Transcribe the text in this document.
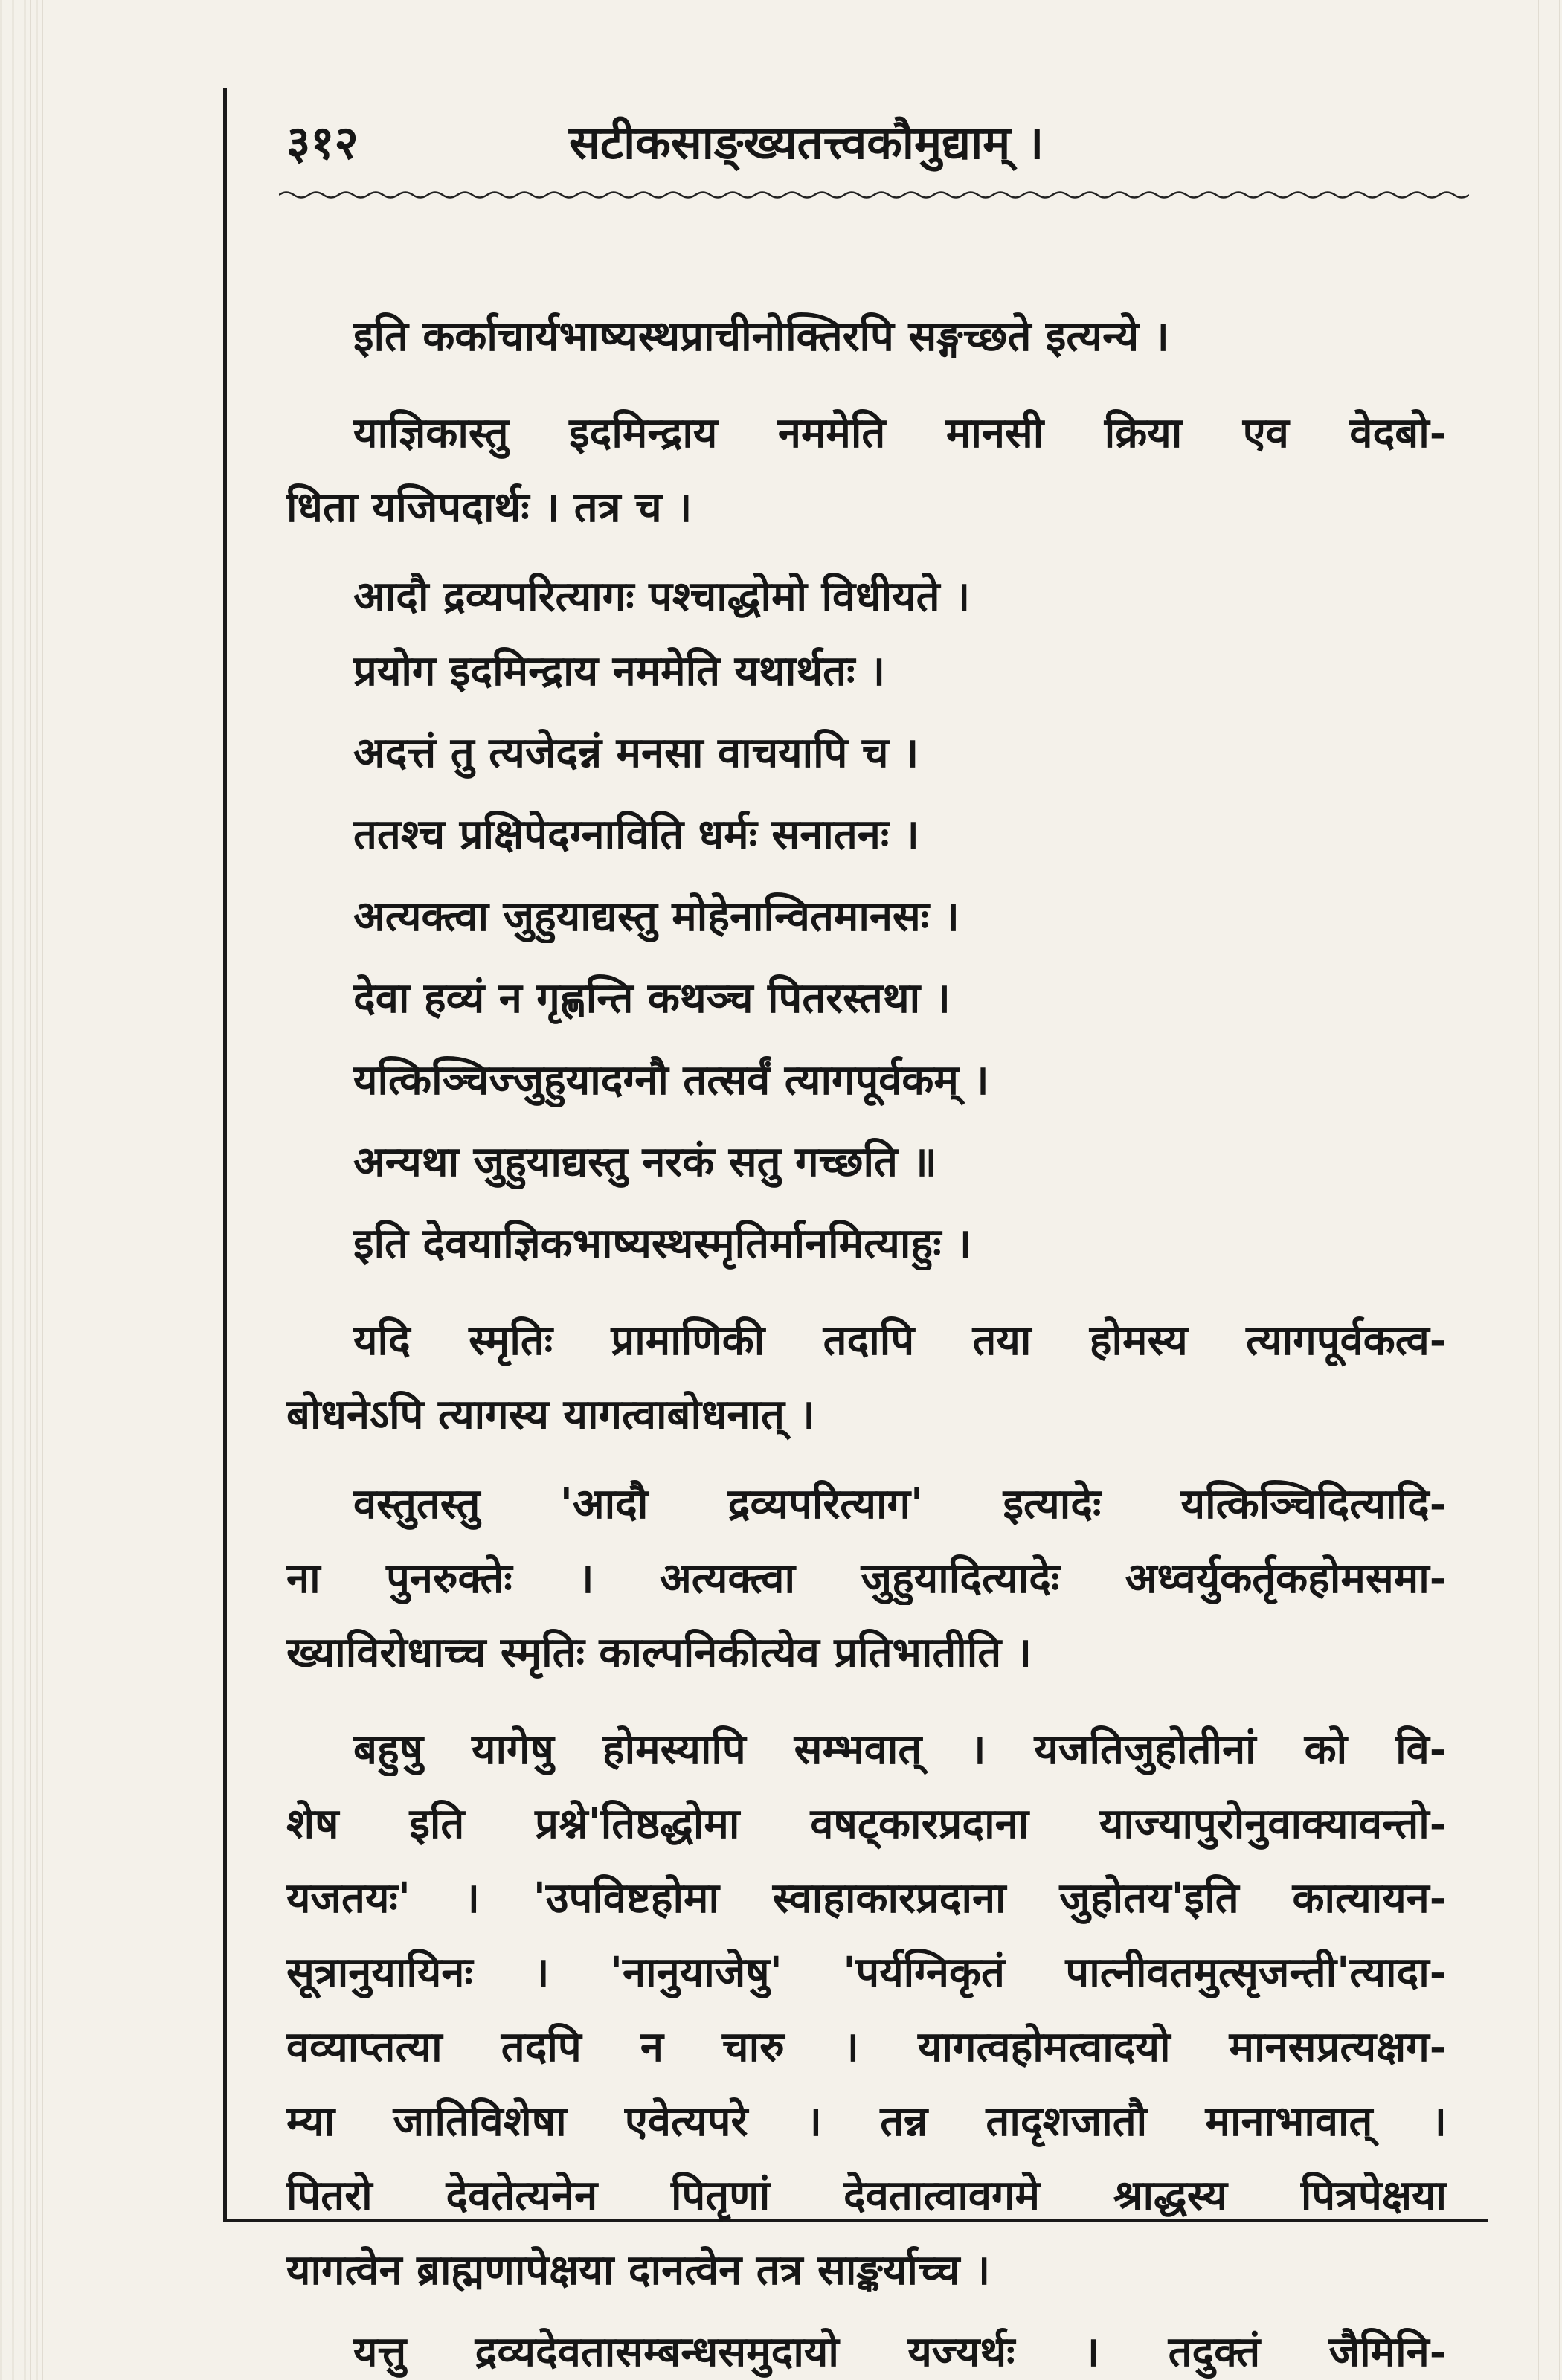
३१२	सटीकसाङ्ख्यतत्त्वकौमुद्याम् ।
इति कर्काचार्यभाष्यस्थप्राचीनोक्तिरपि सङ्गच्छते इत्यन्ये ।
याज्ञिकास्तु इदमिन्द्राय नममेति मानसी क्रिया एव वेदबो-
धिता यजिपदार्थः । तत्र च ।
आदौ द्रव्यपरित्यागः पश्चाद्धोमो विधीयते ।
प्रयोग इदमिन्द्राय नममेति यथार्थतः ।
अदत्तं तु त्यजेदन्नं मनसा वाचयापि च ।
ततश्च प्रक्षिपेदग्नाविति धर्मः सनातनः ।
अत्यक्त्वा जुहुयाद्यस्तु मोहेनान्वितमानसः ।
देवा हव्यं न गृह्णन्ति कथञ्च पितरस्तथा ।
यत्किञ्चिज्जुहुयादग्नौ तत्सर्वं त्यागपूर्वकम् ।
अन्यथा जुहुयाद्यस्तु नरकं सतु गच्छति ॥
इति देवयाज्ञिकभाष्यस्थस्मृतिर्मानमित्याहुः ।
यदि स्मृतिः प्रामाणिकी तदापि तया होमस्य त्यागपूर्वकत्व-
बोधनेऽपि त्यागस्य यागत्वाबोधनात् ।
वस्तुतस्तु 'आदौ द्रव्यपरित्याग' इत्यादेः यत्किञ्चिदित्यादि-
ना पुनरुक्तेः । अत्यक्त्वा जुहुयादित्यादेः अध्वर्युकर्तृकहोमसमा-
ख्याविरोधाच्च स्मृतिः काल्पनिकीत्येव प्रतिभातीति ।
बहुषु यागेषु होमस्यापि सम्भवात् । यजतिजुहोतीनां को वि-
शेष इति प्रश्ने'तिष्ठद्धोमा वषट्कारप्रदाना याज्यापुरोनुवाक्यावन्तो-
यजतयः' । 'उपविष्टहोमा स्वाहाकारप्रदाना जुहोतय'इति कात्यायन-
सूत्रानुयायिनः । 'नानुयाजेषु' 'पर्यग्निकृतं पात्नीवतमुत्सृजन्ती'त्यादा-
वव्याप्तत्या तदपि न चारु । यागत्वहोमत्वादयो मानसप्रत्यक्षग-
म्या जातिविशेषा एवेत्यपरे । तन्न तादृशजातौ मानाभावात् ।
पितरो देवतेत्यनेन पितॄणां देवतात्वावगमे श्राद्धस्य पित्रपेक्षया
यागत्वेन ब्राह्मणापेक्षया दानत्वेन तत्र साङ्कर्याच्च ।
यत्तु द्रव्यदेवतासम्बन्धसमुदायो यज्यर्थः । तदुक्तं जैमिनि-
